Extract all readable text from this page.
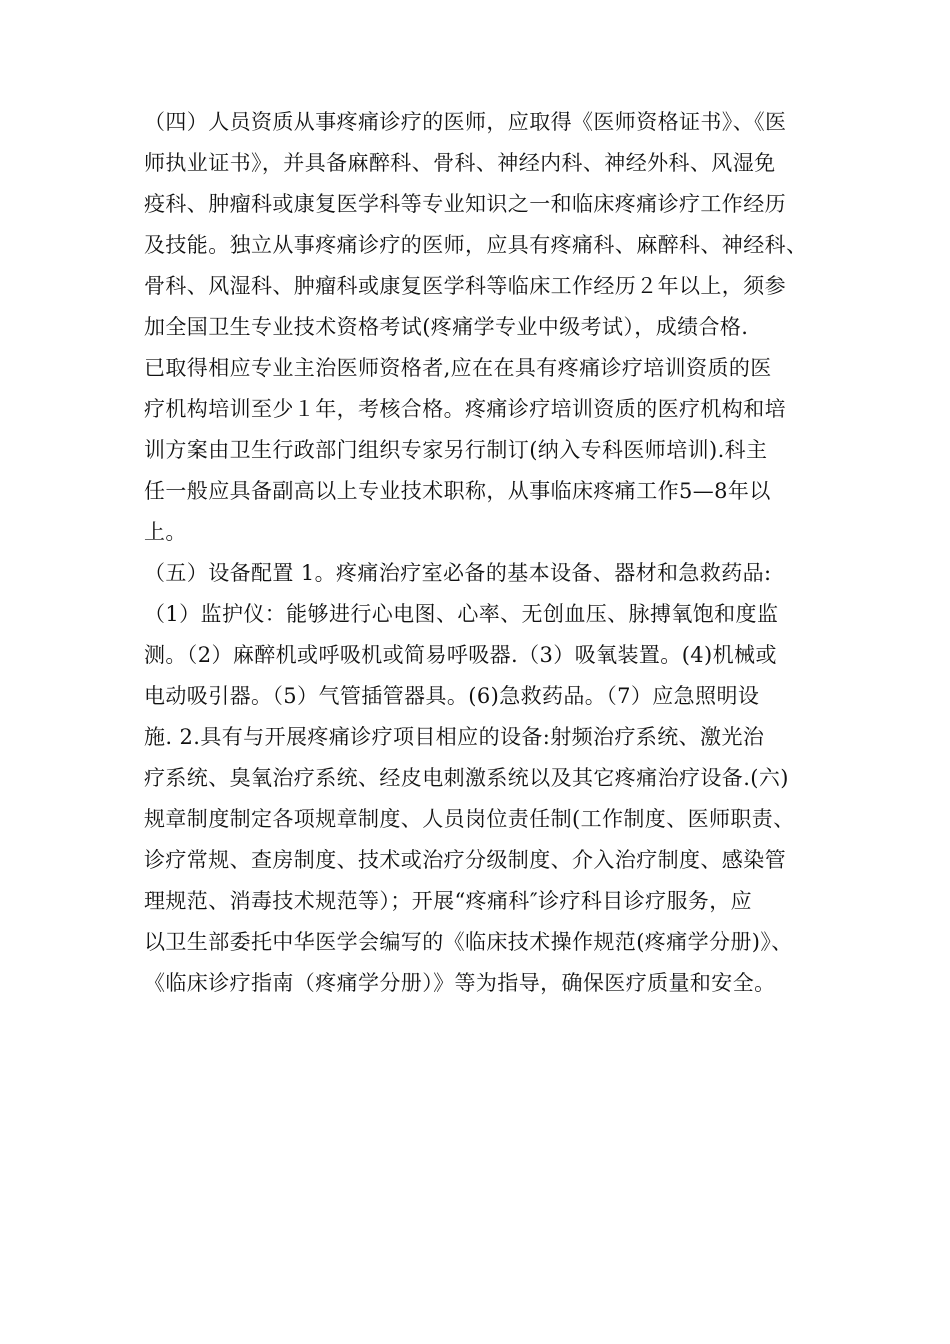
（四）人员资质从事疼痛诊疗的医师，应取得《医师资格证书》、《医
师执业证书》，并具备麻醉科、骨科、神经内科、神经外科、风湿免
疫科、肿瘤科或康复医学科等专业知识之一和临床疼痛诊疗工作经历
及技能。独立从事疼痛诊疗的医师，应具有疼痛科、麻醉科、神经科、
骨科、风湿科、肿瘤科或康复医学科等临床工作经历２年以上，须参
加全国卫生专业技术资格考试(疼痛学专业中级考试），成绩合格.
已取得相应专业主治医师资格者,应在在具有疼痛诊疗培训资质的医
疗机构培训至少１年，考核合格。疼痛诊疗培训资质的医疗机构和培
训方案由卫生行政部门组织专家另行制订(纳入专科医师培训).科主
任一般应具备副高以上专业技术职称，从事临床疼痛工作5—8年以
上。
（五）设备配置 1。疼痛治疗室必备的基本设备、器材和急救药品:
（1）监护仪：能够进行心电图、心率、无创血压、脉搏氧饱和度监
测。（2）麻醉机或呼吸机或简易呼吸器.（3）吸氧装置。(4)机械或
电动吸引器。（5）气管插管器具。(6)急救药品。（7）应急照明设
施. 2.具有与开展疼痛诊疗项目相应的设备:射频治疗系统、激光治
疗系统、臭氧治疗系统、经皮电刺激系统以及其它疼痛治疗设备.(六)
规章制度制定各项规章制度、人员岗位责任制(工作制度、医师职责、
诊疗常规、查房制度、技术或治疗分级制度、介入治疗制度、感染管
理规范、消毒技术规范等）；开展“疼痛科″诊疗科目诊疗服务，应
以卫生部委托中华医学会编写的《临床技术操作规范(疼痛学分册)》、
《临床诊疗指南（疼痛学分册）》等为指导，确保医疗质量和安全。
